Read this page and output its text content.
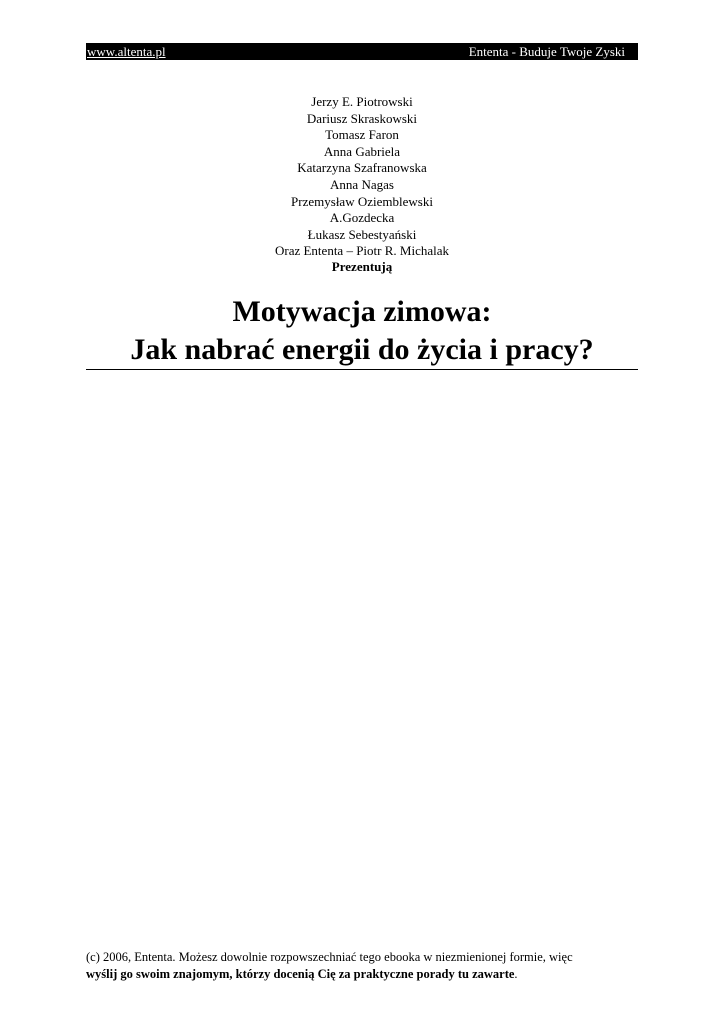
www.altenta.pl	Ententa - Buduje Twoje Zyski
Jerzy E. Piotrowski
Dariusz Skraskowski
Tomasz Faron
Anna Gabriela
Katarzyna Szafranowska
Anna Nagas
Przemysław Oziemblewski
A.Gozdecka
Łukasz Sebestyański
Oraz Ententa – Piotr R. Michalak
Prezentują
Motywacja zimowa:
Jak nabrać energii do życia i pracy?
(c) 2006, Ententa. Możesz dowolnie rozpowszechniać tego ebooka w niezmienionej formie, więc
wyślij go swoim znajomym, którzy docenią Cię za praktyczne porady tu zawarte.
